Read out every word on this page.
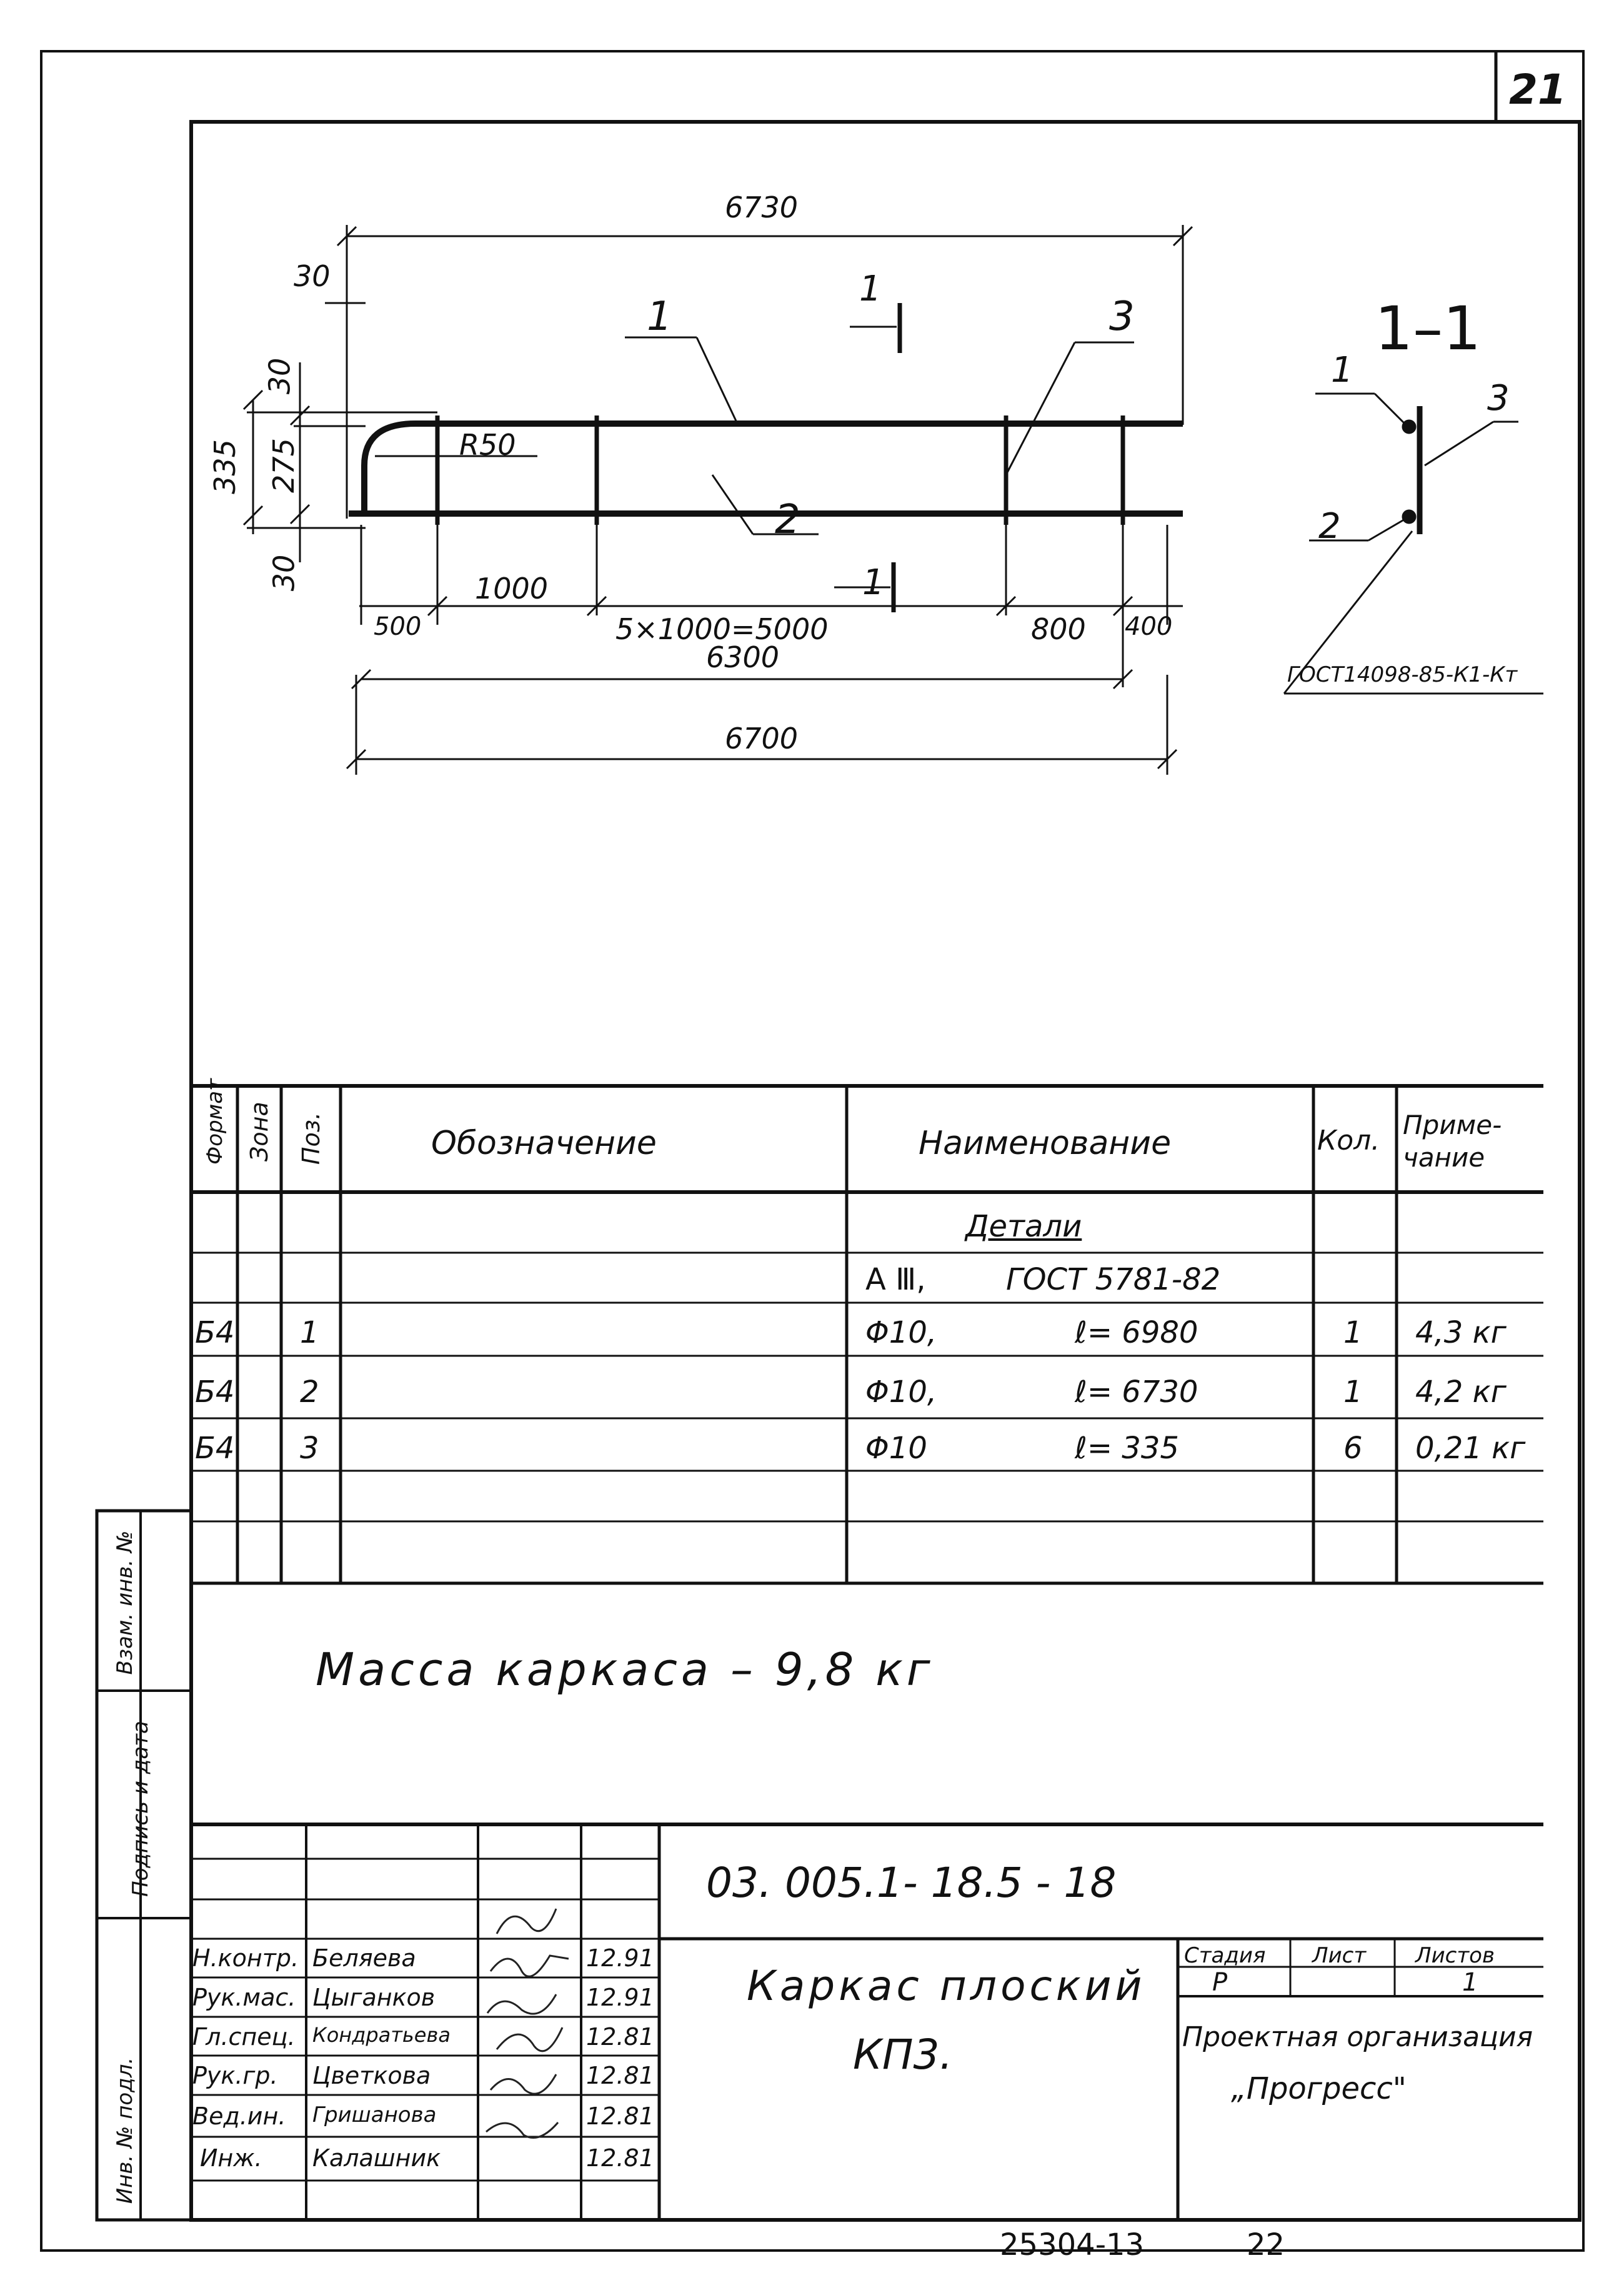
21
6730
30
30
335 275
30
R50
500
1000
5×1000=5000	800 400
6300
6700
1
2
3
1
1
1–1
1
2
3
ГОСТ14098-85-К1-Кт
Формат Зона Поз.	Обозначение	Наименование	Кол. Приме-чание
Детали
А Ⅲ,	ГОСТ 5781-82
Б4 1	Φ10,	ℓ= 6980	1 4,3 кг
Б4 2	Φ10,	ℓ= 6730	1 4,2 кг
Б4 3	Φ10	ℓ= 335	6 0,21 кг
Масса каркаса – 9,8 кг
Инв. № подл.
Подпись и дата
Взам. инв. №
03. 005.1- 18.5 - 18
Каркас плоский
КП3.
Стадия Лист Листов
Р	1
Проектная организация
„Прогресс"
Н.контр. Беляева	12.91
Рук.мас. Цыганков	12.91
Гл.спец. Кондратьева	12.81
Рук.гр. Цветкова	12.81
Вед.ин. Гришанова	12.81
Инж. Калашник	12.81
25304-13	22
